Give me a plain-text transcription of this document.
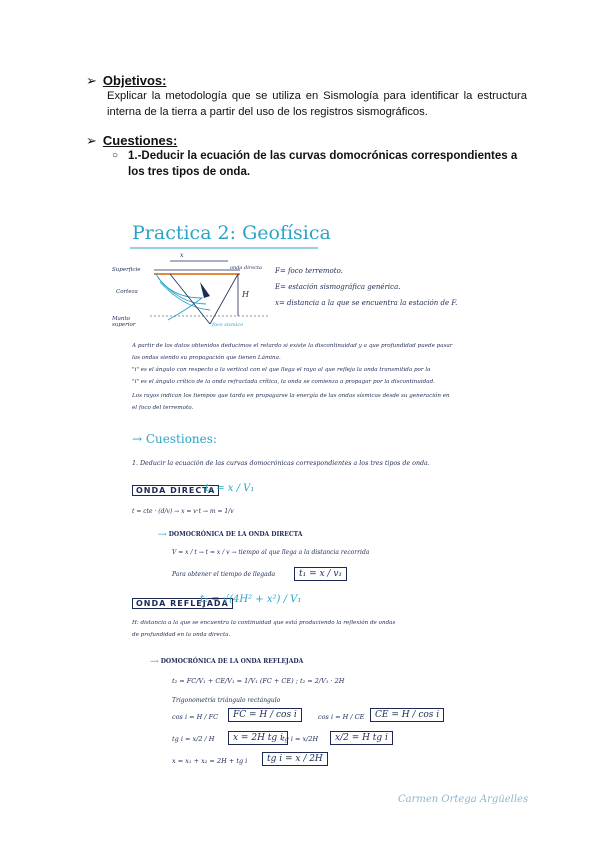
➢ Objetivos:
Explicar la metodología que se utiliza en Sismología para identificar la estructura interna de la tierra a partir del uso de los registros sismográficos.
➢ Cuestiones:
○ 1.-Deducir la ecuación de las curvas domocrónicas correspondientes a los tres tipos de onda.
Practica 2: Geofísica
Superficie
Corteza
Manto superior
x
H
onda directa
foco sísmico
F= foco terremoto.
E= estación sismográfica genérica.
x= distancia a la que se encuentra la estación de F.
A partir de los datos obtenidos deducimos el retardo si existe la discontinuidad y a que profundidad puede pasar
las ondas siendo su propagación que tienen Lámina.
"i" es el ángulo con respecto a la vertical con el que llega el rayo al que refleja la onda transmitida por la
"i" es el ángulo crítico de la onda refractada crítica, la onda se comienza a propagar por la discontinuidad.
Los rayos indican los tiempos que tarda en propagarse la energía de las ondas sísmicas desde su generación en
el foco del terremoto.
→ Cuestiones:
1. Deducir la ecuación de las curvas domocrónicas correspondientes a los tres tipos de onda.
ONDA DIRECTA
t₁ = x / V₁
t = cte · (d/v) → x = v·t → m = 1/v
⟶ DOMOCRÓNICA DE LA ONDA DIRECTA
V = x / t → t = x / v → tiempo al que llega a la distancia recorrida
Para obtener el tiempo de llegada	t₁ = x / v₁
ONDA REFLEJADA
t₂ = √(4H² + x²) / V₁
H: distancia a la que se encuentra la continuidad que está produciendo la reflexión de ondas
de profundidad en la onda directa.
⟶ DOMOCRÓNICA DE LA ONDA REFLEJADA
t₂ = FC/V₁ + CE/V₁ = 1/V₁ (FC + CE) ; t₂ = 2/V₁ · 2H
Trigonometría triángulo rectángulo
cos i = H / FC	FC = H / cos i	cos i = H / CE	CE = H / cos i
tg i = x/2 / H	x = 2H tg i tg i = x/2H	x/2 = H tg i
x = x₁ + x₂ = 2H + tg i	tg i = x / 2H
Carmen Ortega Argüelles
